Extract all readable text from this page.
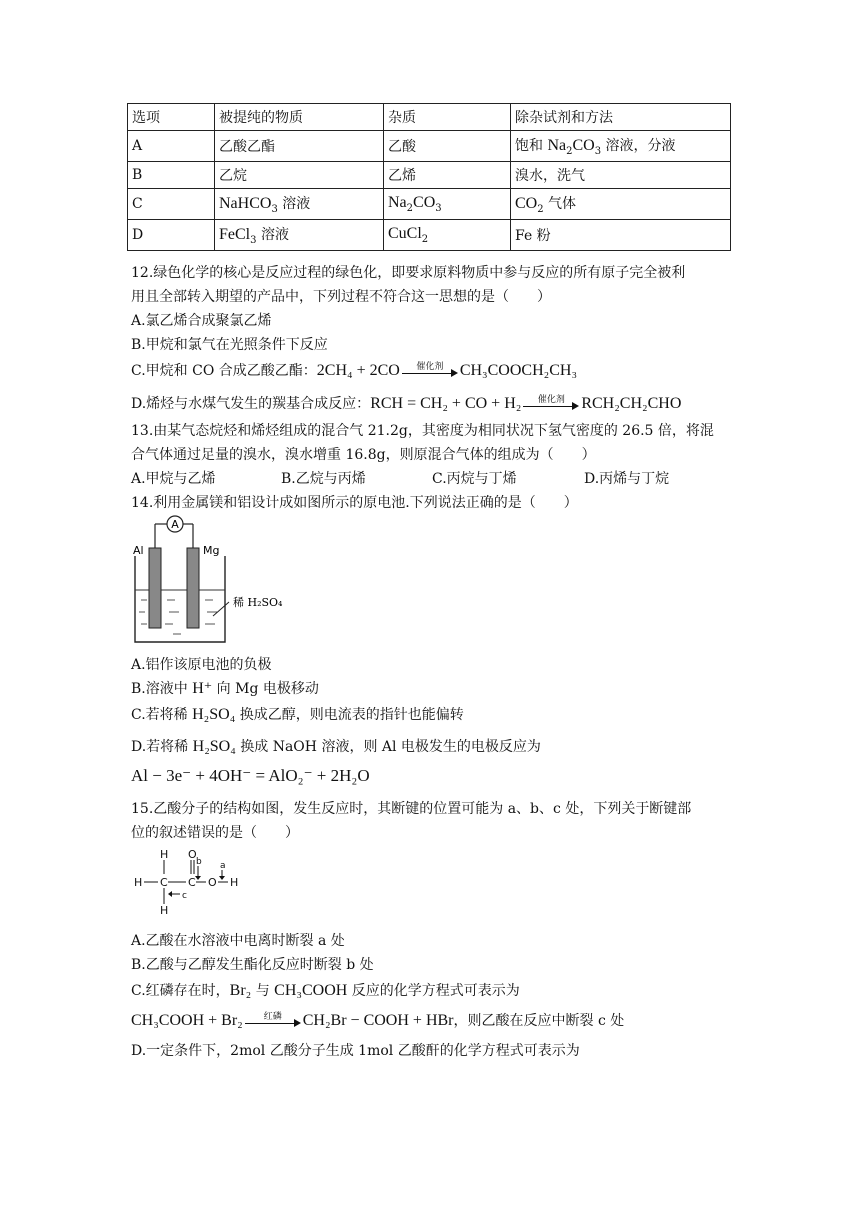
选项	被提纯的物质	杂质	除杂试剂和方法
A	乙酸乙酯	乙酸	饱和 $Na_2CO_3$ 溶液，分液
B	乙烷	乙烯	溴水，洗气
C	NaHCO$_3$ 溶液	$Na_2CO_3$	$CO_2$ 气体
D	FeCl$_3$ 溶液	CuCl$_2$	Fe 粉
12.绿色化学的核心是反应过程的绿色化，即要求原料物质中参与反应的所有原子完全被利
用且全部转入期望的产品中，下列过程不符合这一思想的是（　　）
A.氯乙烯合成聚氯乙烯
B.甲烷和氯气在光照条件下反应
C.甲烷和 CO 合成乙酸乙酯：2CH₄ + 2CO	催化剂	CH₃COOCH₂CH₃
D.烯烃与水煤气发生的羰基合成反应：RCH = CH₂ + CO + H₂	催化剂	RCH₂CH₂CHO
13.由某气态烷烃和烯烃组成的混合气 21.2g，其密度为相同状况下氢气密度的 26.5 倍，将混
合气体通过足量的溴水，溴水增重 16.8g，则原混合气体的组成为（　　）
A.甲烷与乙烯	B.乙烷与丙烯	C.丙烷与丁烯	D.丙烯与丁烷
14.利用金属镁和铝设计成如图所示的原电池.下列说法正确的是（　　）
A
Al	Mg
稀 H₂SO₄
A.铝作该原电池的负极
B.溶液中 H⁺ 向 Mg 电极移动
C.若将稀 H₂SO₄ 换成乙醇，则电流表的指针也能偏转
D.若将稀 H₂SO₄ 换成 NaOH 溶液，则 Al 电极发生的电极反应为
Al − 3e⁻ + 4OH⁻ = AlO₂⁻ + 2H₂O
15.乙酸分子的结构如图，发生反应时，其断键的位置可能为 a、b、c 处，下列关于断键部
位的叙述错误的是（　　）
H
H C
H
C
O
O H
b a
c
A.乙酸在水溶液中电离时断裂 a 处
B.乙酸与乙醇发生酯化反应时断裂 b 处
C.红磷存在时，Br₂ 与 CH₃COOH 反应的化学方程式可表示为
CH₃COOH + Br₂	红磷	CH₂Br − COOH + HBr，则乙酸在反应中断裂 c 处
D.一定条件下，2mol 乙酸分子生成 1mol 乙酸酐的化学方程式可表示为
